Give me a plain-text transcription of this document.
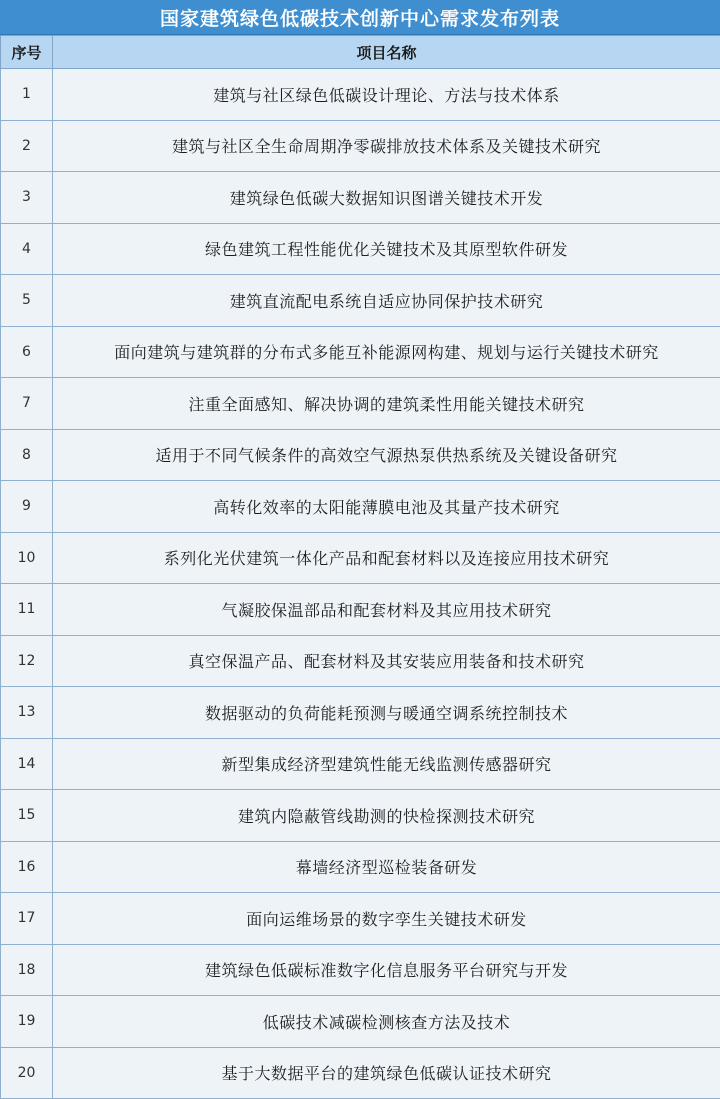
国家建筑绿色低碳技术创新中心需求发布列表
序号	项目名称
1	建筑与社区绿色低碳设计理论、方法与技术体系
2	建筑与社区全生命周期净零碳排放技术体系及关键技术研究
3	建筑绿色低碳大数据知识图谱关键技术开发
4	绿色建筑工程性能优化关键技术及其原型软件研发
5	建筑直流配电系统自适应协同保护技术研究
6	面向建筑与建筑群的分布式多能互补能源网构建、规划与运行关键技术研究
7	注重全面感知、解决协调的建筑柔性用能关键技术研究
8	适用于不同气候条件的高效空气源热泵供热系统及关键设备研究
9	高转化效率的太阳能薄膜电池及其量产技术研究
10	系列化光伏建筑一体化产品和配套材料以及连接应用技术研究
11	气凝胶保温部品和配套材料及其应用技术研究
12	真空保温产品、配套材料及其安装应用装备和技术研究
13	数据驱动的负荷能耗预测与暖通空调系统控制技术
14	新型集成经济型建筑性能无线监测传感器研究
15	建筑内隐蔽管线勘测的快检探测技术研究
16	幕墙经济型巡检装备研发
17	面向运维场景的数字孪生关键技术研发
18	建筑绿色低碳标准数字化信息服务平台研究与开发
19	低碳技术减碳检测核查方法及技术
20	基于大数据平台的建筑绿色低碳认证技术研究
